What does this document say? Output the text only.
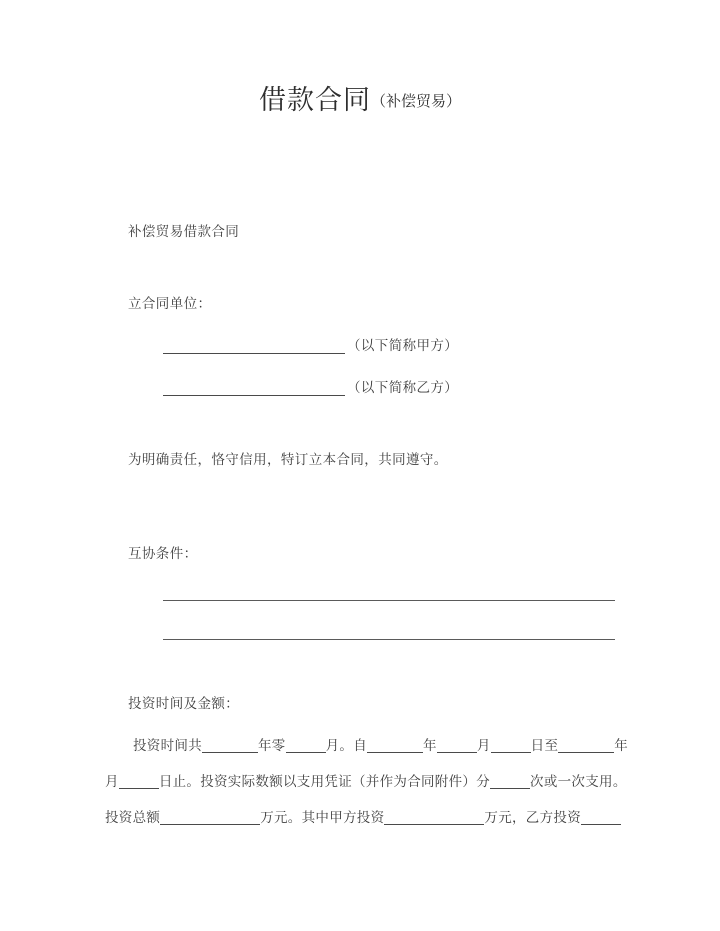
借款合同（补偿贸易）
补偿贸易借款合同
立合同单位：
（以下简称甲方）
（以下简称乙方）
为明确责任，恪守信用，特订立本合同，共同遵守。
互协条件：
投资时间及金额：
投资时间共	年零	月。自	年	月	日至	年
月	日止。投资实际数额以支用凭证（并作为合同附件）分	次或一次支用。
投资总额	万元。其中甲方投资	万元，乙方投资
